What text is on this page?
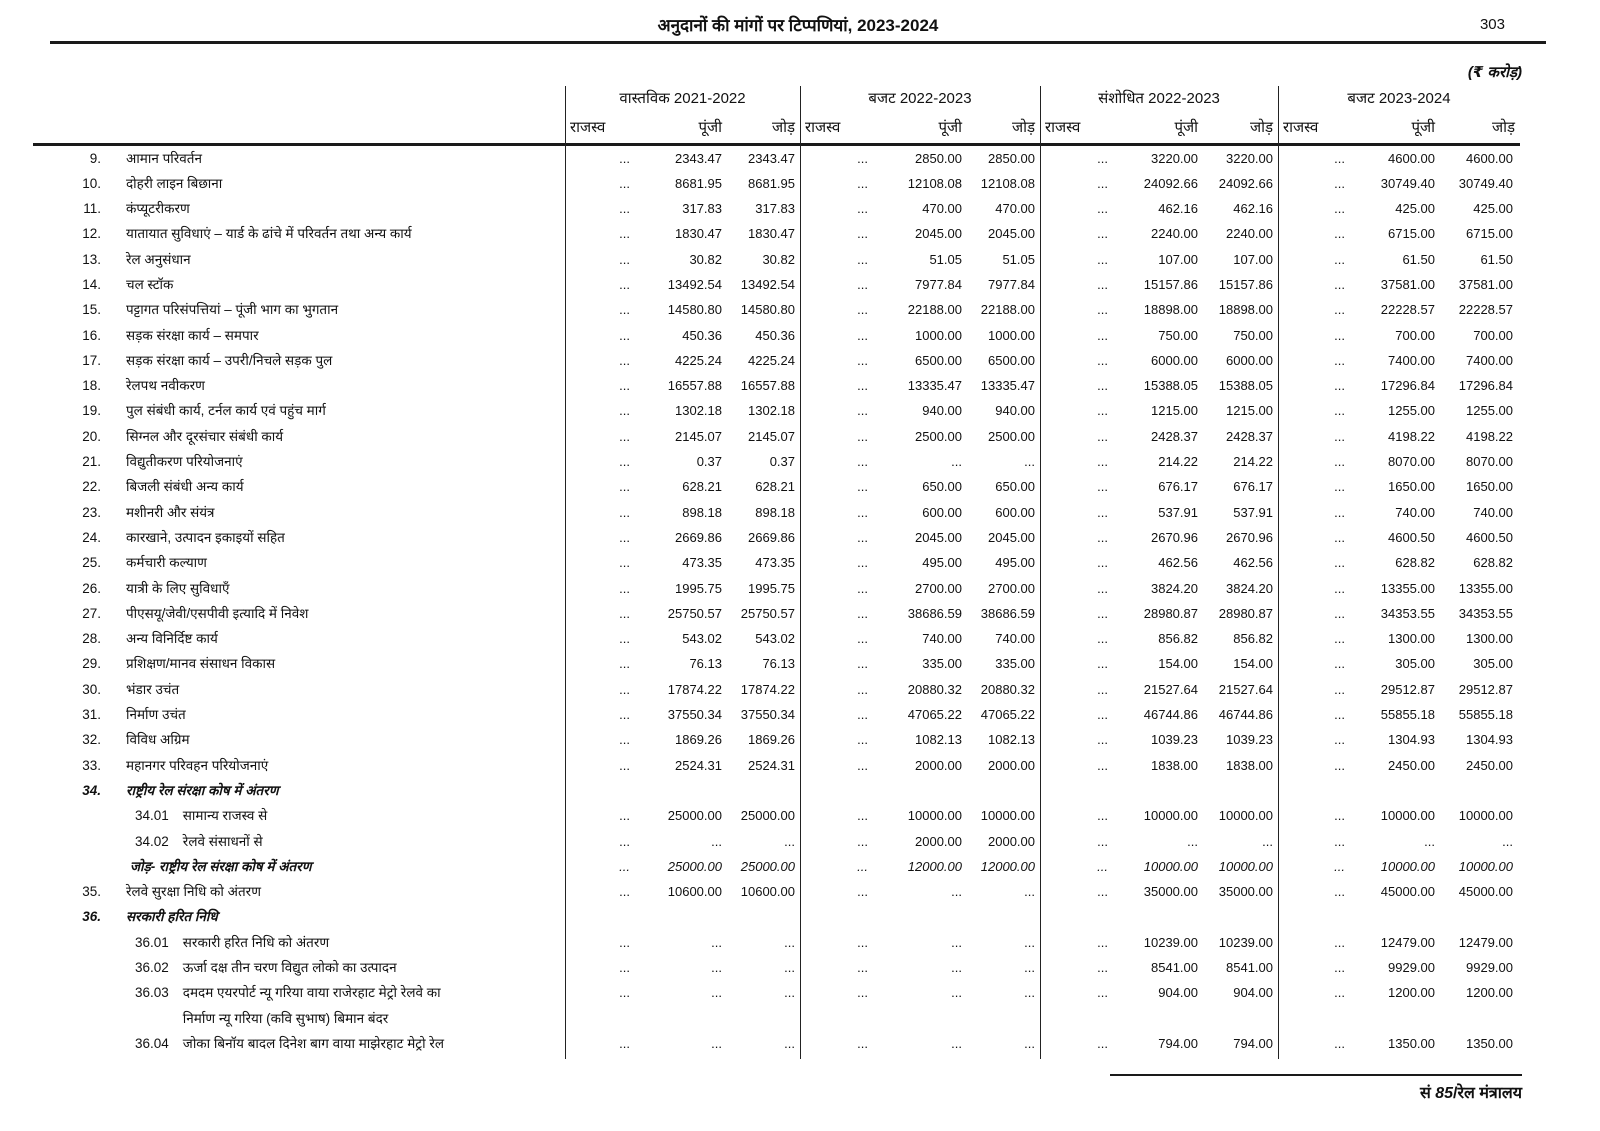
अनुदानों की मांगों पर टिप्पणियां, 2023-2024	303
(₹ करोड़)
वास्तविक 2021-2022	बजट 2022-2023	संशोधित 2022-2023	बजट 2023-2024
राजस्व	पूंजी	जोड़ राजस्व	पूंजी	जोड़ राजस्व	पूंजी	जोड़ राजस्व	पूंजी	जोड़
9. आमान परिवर्तन	...	2343.47	2343.47	...	2850.00	2850.00	...	3220.00	3220.00	...	4600.00	4600.00
10. दोहरी लाइन बिछाना	...	8681.95	8681.95	...	12108.08	12108.08	...	24092.66	24092.66	...	30749.40	30749.40
11. कंप्यूटरीकरण	...	317.83	317.83	...	470.00	470.00	...	462.16	462.16	...	425.00	425.00
12. यातायात सुविधाएं – यार्ड के ढांचे में परिवर्तन तथा अन्य कार्य	...	1830.47	1830.47	...	2045.00	2045.00	...	2240.00	2240.00	...	6715.00	6715.00
13. रेल अनुसंधान	...	30.82	30.82	...	51.05	51.05	...	107.00	107.00	...	61.50	61.50
14. चल स्टॉक	...	13492.54	13492.54	...	7977.84	7977.84	...	15157.86	15157.86	...	37581.00	37581.00
15. पट्टागत परिसंपत्तियां – पूंजी भाग का भुगतान	...	14580.80	14580.80	...	22188.00	22188.00	...	18898.00	18898.00	...	22228.57	22228.57
16. सड़क संरक्षा कार्य – समपार	...	450.36	450.36	...	1000.00	1000.00	...	750.00	750.00	...	700.00	700.00
17. सड़क संरक्षा कार्य – उपरी/निचले सड़क पुल	...	4225.24	4225.24	...	6500.00	6500.00	...	6000.00	6000.00	...	7400.00	7400.00
18. रेलपथ नवीकरण	...	16557.88	16557.88	...	13335.47	13335.47	...	15388.05	15388.05	...	17296.84	17296.84
19. पुल संबंधी कार्य, टर्नल कार्य एवं पहुंच मार्ग	...	1302.18	1302.18	...	940.00	940.00	...	1215.00	1215.00	...	1255.00	1255.00
20. सिग्नल और दूरसंचार संबंधी कार्य	...	2145.07	2145.07	...	2500.00	2500.00	...	2428.37	2428.37	...	4198.22	4198.22
21. विद्युतीकरण परियोजनाएं	...	0.37	0.37	...	...	...	...	214.22	214.22	...	8070.00	8070.00
22. बिजली संबंधी अन्य कार्य	...	628.21	628.21	...	650.00	650.00	...	676.17	676.17	...	1650.00	1650.00
23. मशीनरी और संयंत्र	...	898.18	898.18	...	600.00	600.00	...	537.91	537.91	...	740.00	740.00
24. कारखाने, उत्पादन इकाइयों सहित	...	2669.86	2669.86	...	2045.00	2045.00	...	2670.96	2670.96	...	4600.50	4600.50
25. कर्मचारी कल्याण	...	473.35	473.35	...	495.00	495.00	...	462.56	462.56	...	628.82	628.82
26. यात्री के लिए सुविधाएँ	...	1995.75	1995.75	...	2700.00	2700.00	...	3824.20	3824.20	...	13355.00	13355.00
27. पीएसयू/जेवी/एसपीवी इत्यादि में निवेश	...	25750.57	25750.57	...	38686.59	38686.59	...	28980.87	28980.87	...	34353.55	34353.55
28. अन्य विनिर्दिष्ट कार्य	...	543.02	543.02	...	740.00	740.00	...	856.82	856.82	...	1300.00	1300.00
29. प्रशिक्षण/मानव संसाधन विकास	...	76.13	76.13	...	335.00	335.00	...	154.00	154.00	...	305.00	305.00
30. भंडार उचंत	...	17874.22	17874.22	...	20880.32	20880.32	...	21527.64	21527.64	...	29512.87	29512.87
31. निर्माण उचंत	...	37550.34	37550.34	...	47065.22	47065.22	...	46744.86	46744.86	...	55855.18	55855.18
32. विविध अग्रिम	...	1869.26	1869.26	...	1082.13	1082.13	...	1039.23	1039.23	...	1304.93	1304.93
33. महानगर परिवहन परियोजनाएं	...	2524.31	2524.31	...	2000.00	2000.00	...	1838.00	1838.00	...	2450.00	2450.00
34. राष्ट्रीय रेल संरक्षा कोष में अंतरण
34.01 सामान्य राजस्व से	...	25000.00	25000.00	...	10000.00	10000.00	...	10000.00	10000.00	...	10000.00	10000.00
34.02 रेलवे संसाधनों से	...	...	...	...	2000.00	2000.00	...	...	...	...	...	...
जोड़- राष्ट्रीय रेल संरक्षा कोष में अंतरण	...	25000.00	25000.00	...	12000.00	12000.00	...	10000.00	10000.00	...	10000.00	10000.00
35. रेलवे सुरक्षा निधि को अंतरण	...	10600.00	10600.00	...	...	...	...	35000.00	35000.00	...	45000.00	45000.00
36. सरकारी हरित निधि
36.01 सरकारी हरित निधि को अंतरण	...	...	...	...	...	...	...	10239.00	10239.00	...	12479.00	12479.00
36.02 ऊर्जा दक्ष तीन चरण विद्युत लोको का उत्पादन	...	...	...	...	...	...	...	8541.00	8541.00	...	9929.00	9929.00
36.03 दमदम एयरपोर्ट न्यू गरिया वाया राजेरहाट मेट्रो रेलवे का
निर्माण न्यू गरिया (कवि सुभाष) बिमान बंदर
...	...	...	...	...	...	...	904.00	904.00	...	1200.00	1200.00
36.04 जोका बिनॉय बादल दिनेश बाग वाया माझेरहाट मेट्रो रेल	...	...	...	...	...	...	...	794.00	794.00	...	1350.00	1350.00
सं 85/रेल मंत्रालय
